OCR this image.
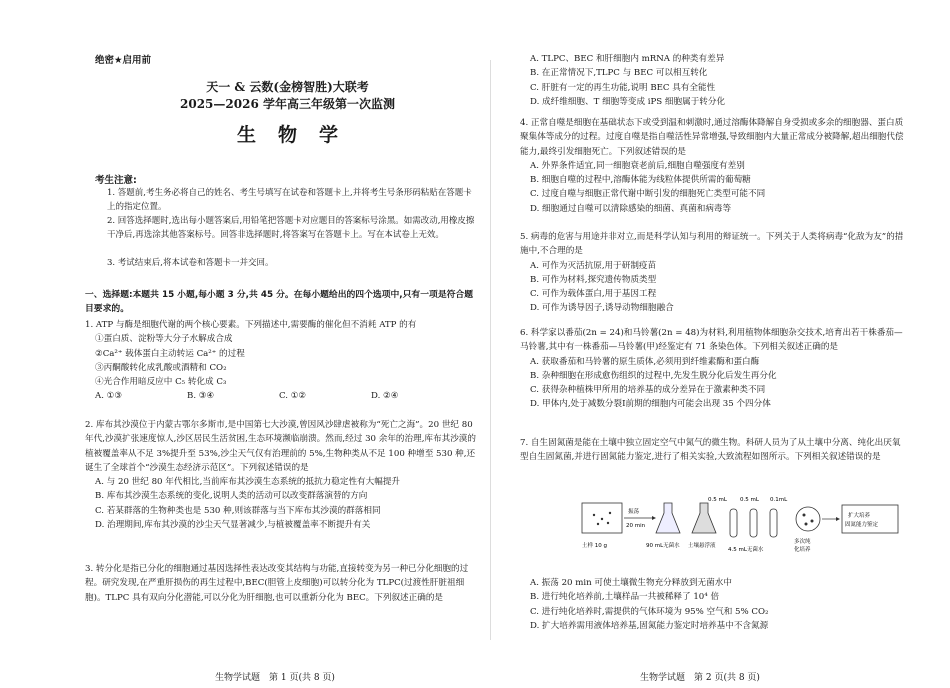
绝密★启用前
天一 & 云数(金榜智胜)大联考
2025—2026 学年高三年级第一次监测
生物学
考生注意:
1. 答题前,考生务必将自己的姓名、考生号填写在试卷和答题卡上,并将考生号条形码粘贴在答题卡上的指定位置。
2. 回答选择题时,选出每小题答案后,用铅笔把答题卡对应题目的答案标号涂黑。如需改动,用橡皮擦干净后,再选涂其他答案标号。回答非选择题时,将答案写在答题卡上。写在本试卷上无效。
3. 考试结束后,将本试卷和答题卡一并交回。
一、选择题:本题共 15 小题,每小题 3 分,共 45 分。在每小题给出的四个选项中,只有一项是符合题目要求的。

1. ATP 与酶是细胞代谢的两个核心要素。下列描述中,需要酶的催化但不消耗 ATP 的有

①蛋白质、淀粉等大分子水解成合成

②Ca²⁺ 载体蛋白主动转运 Ca²⁺ 的过程

③丙酮酸转化成乳酸或酒精和 CO₂

④光合作用暗反应中 C₅ 转化成 C₃

A. ①③	B. ③④	C. ①②	D. ②④

2. 库布其沙漠位于内蒙古鄂尔多斯市,是中国第七大沙漠,曾因风沙肆虐被称为“死亡之海”。20 世纪 80 年代,沙漠扩张速度惊人,沙区居民生活贫困,生态环境濒临崩溃。然而,经过 30 余年的治理,库布其沙漠的植被覆盖率从不足 3%提升至 53%,沙尘天气仅有治理前的 5%,生物种类从不足 100 种增至 530 种,还诞生了全球首个“沙漠生态经济示范区”。下列叙述错误的是

A. 与 20 世纪 80 年代相比,当前库布其沙漠生态系统的抵抗力稳定性有大幅提升

B. 库布其沙漠生态系统的变化,说明人类的活动可以改变群落演替的方向

C. 若某群落的生物种类也是 530 种,则该群落与当下库布其沙漠的群落相同

D. 治理期间,库布其沙漠的沙尘天气显著减少,与植被覆盖率不断提升有关

3. 转分化是指已分化的细胞通过基因选择性表达改变其结构与功能,直接转变为另一种已分化细胞的过程。研究发现,在严重肝损伤的再生过程中,BEC(胆管上皮细胞)可以转分化为 TLPC(过渡性肝脏祖细胞)。TLPC 具有双向分化潜能,可以分化为肝细胞,也可以重新分化为 BEC。下列叙述正确的是

生物学试题　第 1 页(共 8 页)

A. TLPC、BEC 和肝细胞内 mRNA 的种类有差异

B. 在正常情况下,TLPC 与 BEC 可以相互转化

C. 肝脏有一定的再生功能,说明 BEC 具有全能性

D. 成纤维细胞、T 细胞等变成 iPS 细胞属于转分化

4. 正常自噬是细胞在基础状态下或受到温和刺激时,通过溶酶体降解自身受损或多余的细胞器、蛋白质聚集体等成分的过程。过度自噬是指自噬活性异常增强,导致细胞内大量正常成分被降解,超出细胞代偿能力,最终引发细胞死亡。下列叙述错误的是

A. 外界条件适宜,同一细胞衰老前后,细胞自噬强度有差别

B. 细胞自噬的过程中,溶酶体能为线粒体提供所需的葡萄糖

C. 过度自噬与细胞正常代谢中断引发的细胞死亡类型可能不同

D. 细胞通过自噬可以清除感染的细菌、真菌和病毒等

5. 病毒的危害与用途并非对立,而是科学认知与利用的辩证统一。下列关于人类将病毒“化敌为友”的措施中,不合理的是

A. 可作为灭活抗原,用于研制疫苗

B. 可作为材料,探究遗传物质类型

C. 可作为载体蛋白,用于基因工程

D. 可作为诱导因子,诱导动物细胞融合

6. 科学家以番茄(2n = 24)和马铃薯(2n = 48)为材料,利用植物体细胞杂交技术,培育出若干株番茄—马铃薯,其中有一株番茄—马铃薯(甲)经鉴定有 71 条染色体。下列相关叙述正确的是

A. 获取番茄和马铃薯的原生质体,必须用到纤维素酶和蛋白酶

B. 杂种细胞在形成愈伤组织的过程中,先发生脱分化后发生再分化

C. 获得杂种植株甲所用的培养基的成分差异在于激素种类不同

D. 甲体内,处于减数分裂Ⅰ前期的细胞内可能会出现 35 个四分体

7. 自生固氮菌是能在土壤中独立固定空气中氮气的微生物。科研人员为了从土壤中分离、纯化出厌氧型自生固氮菌,并进行固氮能力鉴定,进行了相关实验,大致流程如图所示。下列相关叙述错误的是

土样 10 g
振荡
20 min
90 mL无菌水 土壤悬浮液
0.5 mL 0.5 mL 0.1mL
4.5 mL无菌水
多次纯
化培养
扩大培养
固氮能力鉴定

A. 振荡 20 min 可使土壤微生物充分释放到无菌水中

B. 进行纯化培养前,土壤样品一共被稀释了 10⁴ 倍

C. 进行纯化培养时,需提供的气体环境为 95% 空气和 5% CO₂

D. 扩大培养需用液体培养基,固氮能力鉴定时培养基中不含氮源

生物学试题　第 2 页(共 8 页)
